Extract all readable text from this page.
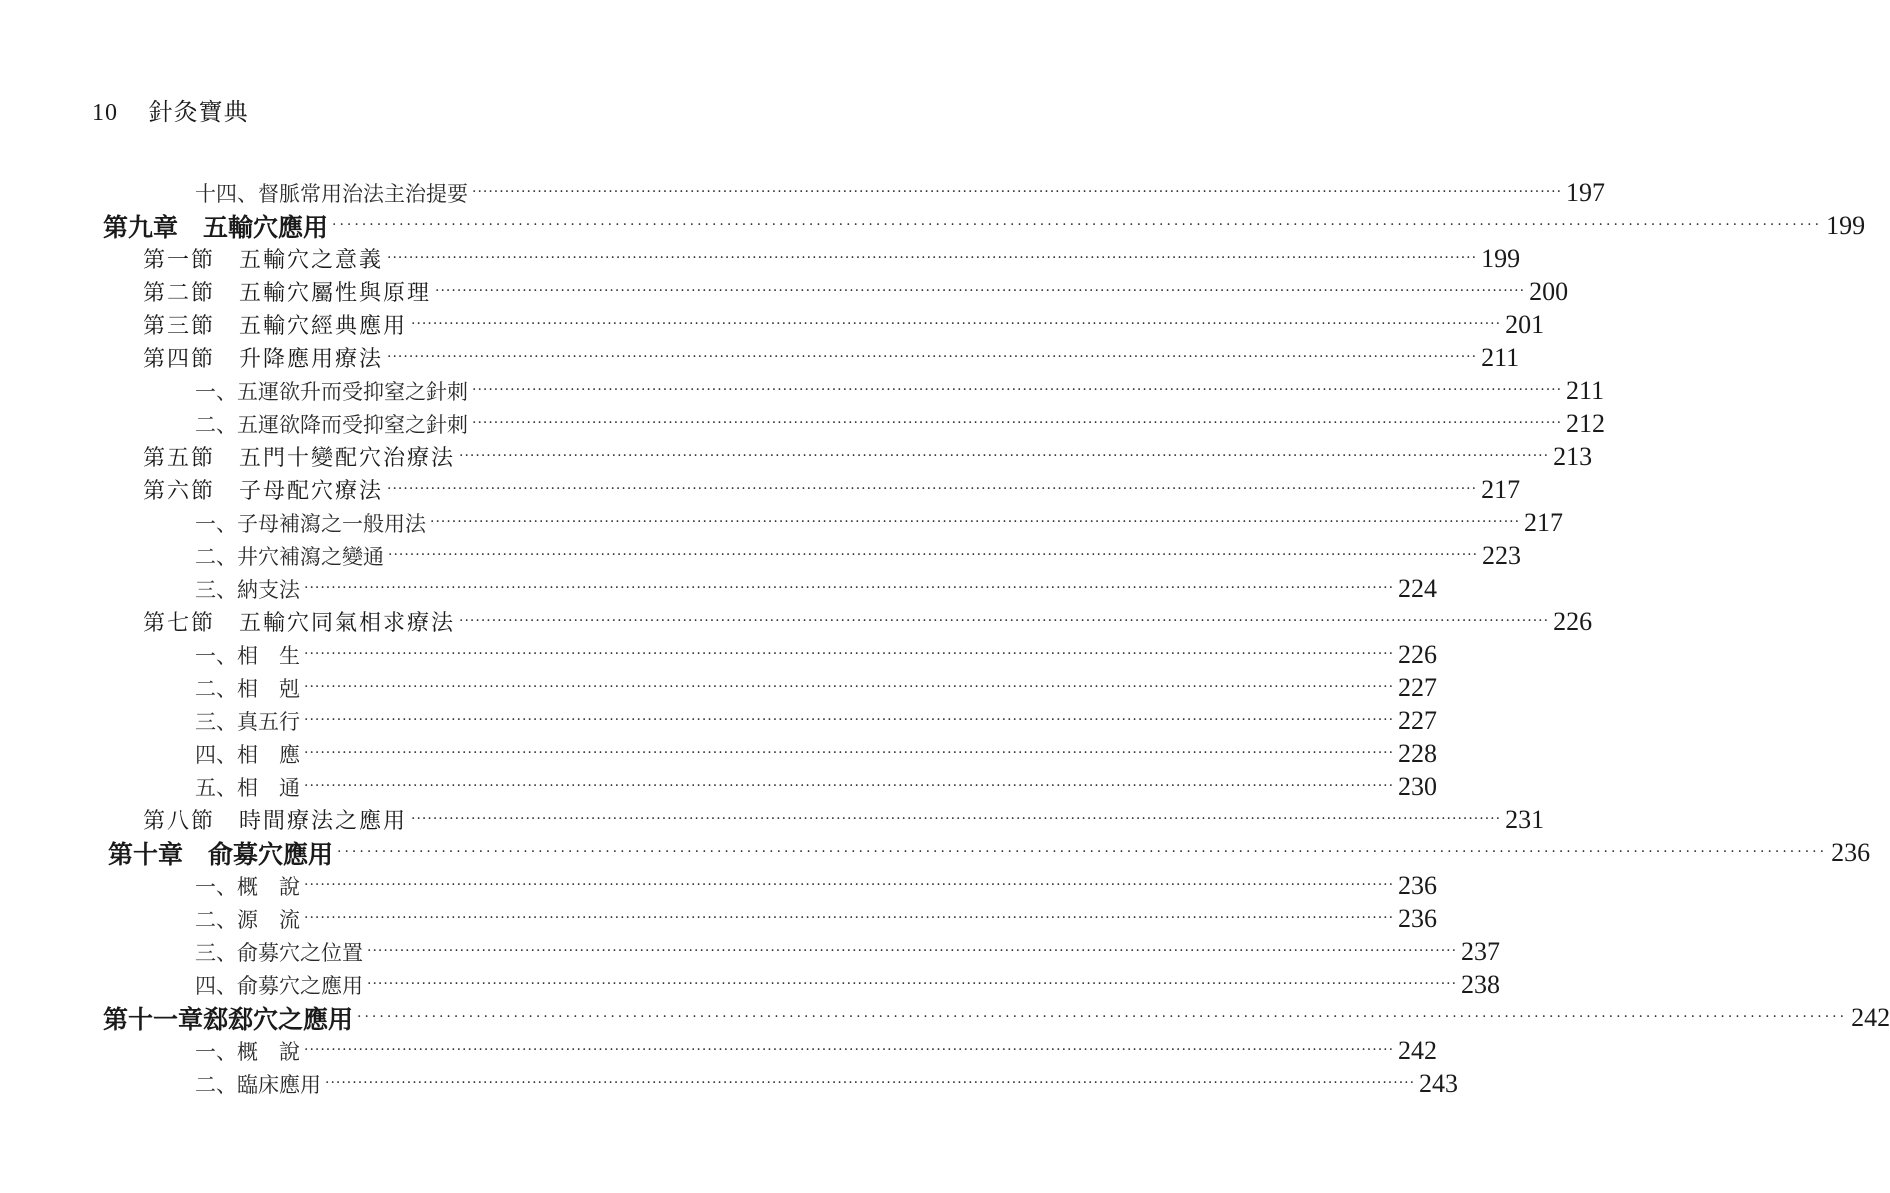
10 針灸寶典
十四、督脈常用治法主治提要 ········································································································································································································ 197
第九章　五輸穴應用 ········································································································································································································ 199
第一節　五輸穴之意義 ········································································································································································································ 199
第二節　五輸穴屬性與原理 ········································································································································································································ 200
第三節　五輸穴經典應用 ········································································································································································································ 201
第四節　升降應用療法 ········································································································································································································ 211
一、五運欲升而受抑窒之針刺 ········································································································································································································ 211
二、五運欲降而受抑窒之針刺 ········································································································································································································ 212
第五節　五門十變配穴治療法 ········································································································································································································ 213
第六節　子母配穴療法 ········································································································································································································ 217
一、子母補瀉之一般用法 ········································································································································································································ 217
二、井穴補瀉之變通 ········································································································································································································ 223
三、納支法 ········································································································································································································ 224
第七節　五輸穴同氣相求療法 ········································································································································································································ 226
一、相　生 ········································································································································································································ 226
二、相　剋 ········································································································································································································ 227
三、真五行 ········································································································································································································ 227
四、相　應 ········································································································································································································ 228
五、相　通 ········································································································································································································ 230
第八節　時間療法之應用 ········································································································································································································ 231
第十章　俞募穴應用 ········································································································································································································ 236
一、概　說 ········································································································································································································ 236
二、源　流 ········································································································································································································ 236
三、俞募穴之位置 ········································································································································································································ 237
四、俞募穴之應用 ········································································································································································································ 238
第十一章郄郄穴之應用 ········································································································································································································ 242
一、概　說 ········································································································································································································ 242
二、臨床應用 ········································································································································································································ 243
